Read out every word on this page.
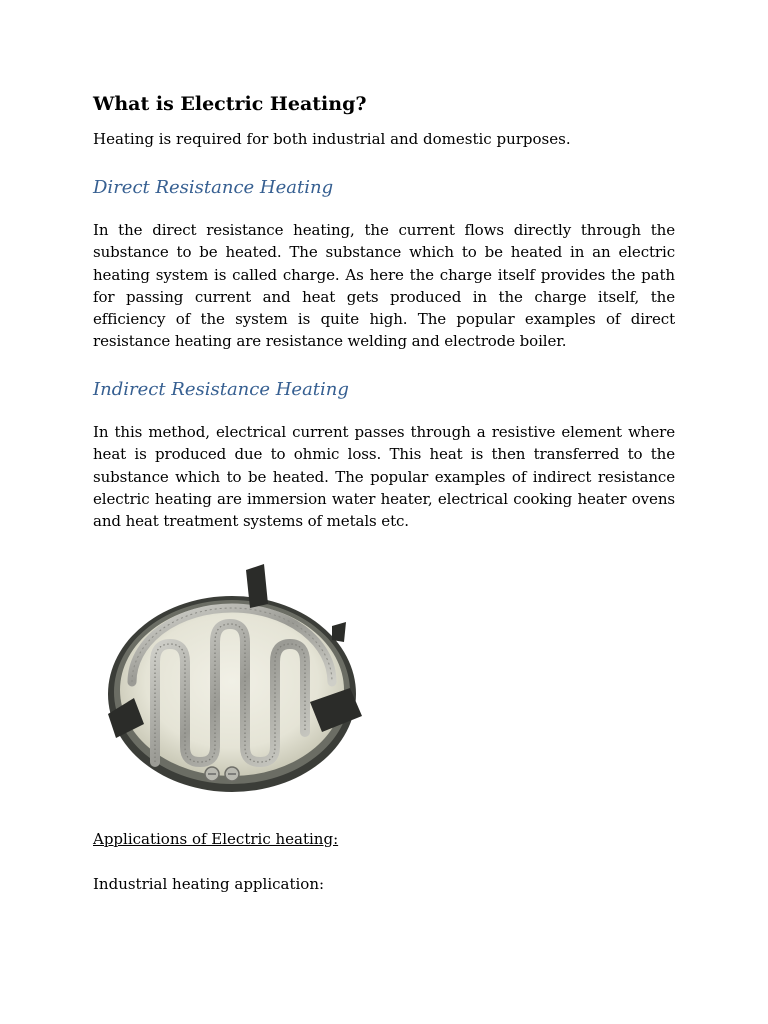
What is Electric Heating?

Heating is required for both industrial and domestic purposes.

Direct Resistance Heating

In the direct resistance heating, the current flows directly through the substance to be heated. The substance which to be heated in an electric heating system is called charge. As here the charge itself provides the path for passing current and heat gets produced in the charge itself, the efficiency of the system is quite high. The popular examples of direct resistance heating are resistance welding and electrode boiler.

Indirect Resistance Heating

In this method, electrical current passes through a resistive element where heat is produced due to ohmic loss. This heat is then transferred to the substance which to be heated. The popular examples of indirect resistance electric heating are immersion water heater, electrical cooking heater ovens and heat treatment systems of metals etc.

Applications of Electric heating:

Industrial heating application:
